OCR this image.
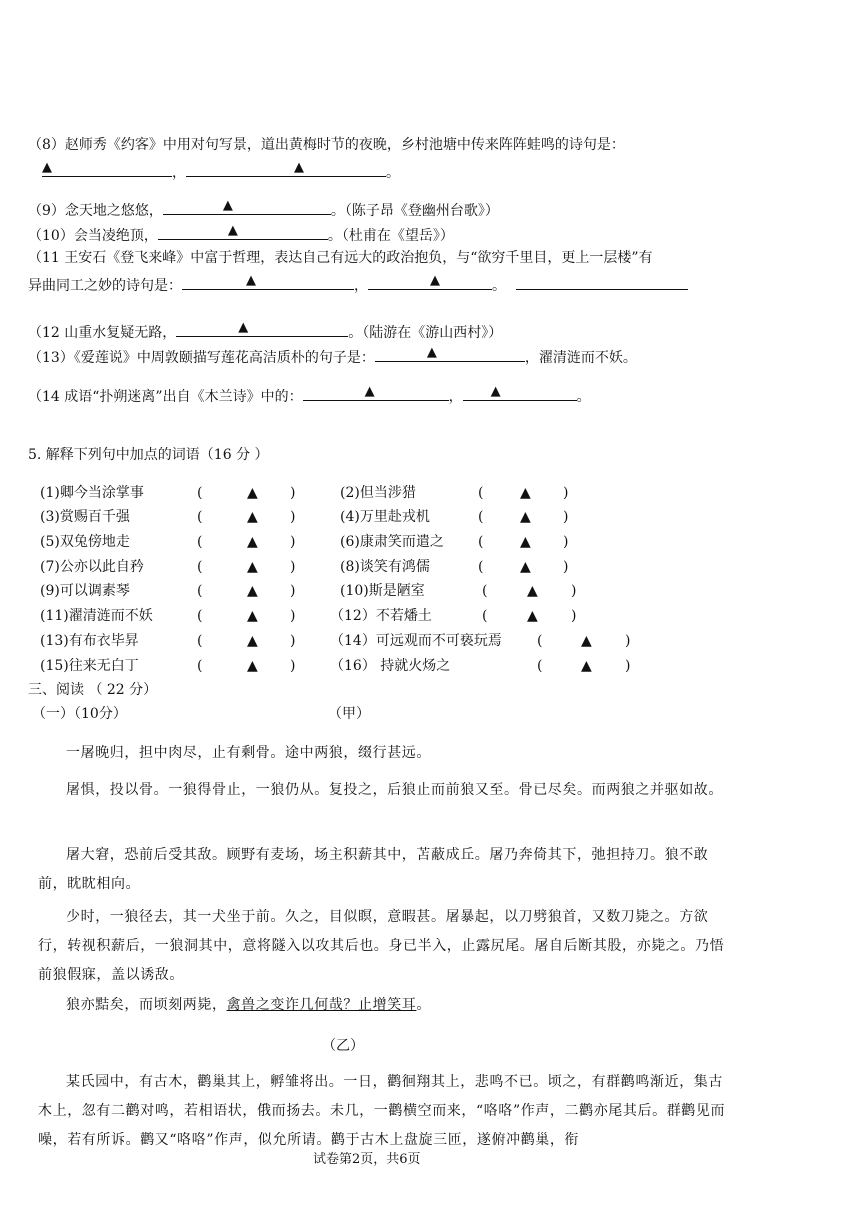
（8）赵师秀《约客》中用对句写景，道出黄梅时节的夜晚，乡村池塘中传来阵阵蛙鸣的诗句是：
▲	，	▲	。
（9）念天地之悠悠，	▲	。（陈子昂《登幽州台歌》）
（10）会当凌绝顶，	▲	。（杜甫在《望岳》）
（11 王安石《登飞来峰》中富于哲理，表达自己有远大的政治抱负，与“欲穷千里目，更上一层楼”有
异曲同工之妙的诗句是：	▲	，	▲	。
（12 山重水复疑无路，	▲	。（陆游在《游山西村》）
（13）《爱莲说》中周敦颐描写莲花高洁质朴的句子是：	▲	，濯清涟而不妖。
（14 成语“扑朔迷离”出自《木兰诗》中的：	▲	， ▲	。
5. 解释下列句中加点的词语（16 分 ）
(1)卿今当涂掌事	(	▲ )	(2)但当涉猎	(	▲ )
(3)赏赐百千强	(	▲ )	(4)万里赴戎机	(	▲ )
(5)双兔傍地走	(	▲ )	(6)康肃笑而遣之 (	▲ )
(7)公亦以此自矜	(	▲ )	(8)谈笑有鸿儒	(	▲ )
(9)可以调素琴	(	▲ )	(10)斯是陋室	(	▲ )
(11)濯清涟而不妖	(	▲ ) （12）不若燔土	(	▲ )
(13)有布衣毕昇	(	▲ ) （14）可远观而不可亵玩焉	(	▲ )
(15)往来无白丁	(	▲ ) （16） 持就火炀之	(	▲ )
三、阅读 （ 22 分）
（一）（10分）	（甲）
一屠晚归，担中肉尽，止有剩骨。途中两狼，缀行甚远。
屠惧，投以骨。一狼得骨止，一狼仍从。复投之，后狼止而前狼又至。骨已尽矣。而两狼之并驱如故。
屠大窘，恐前后受其敌。顾野有麦场，场主积薪其中，苫蔽成丘。屠乃奔倚其下，弛担持刀。狼不敢前，眈眈相向。
少时，一狼径去，其一犬坐于前。久之，目似瞑，意暇甚。屠暴起，以刀劈狼首，又数刀毙之。方欲行，转视积薪后，一狼洞其中，意将隧入以攻其后也。身已半入，止露尻尾。屠自后断其股，亦毙之。乃悟前狼假寐，盖以诱敌。
狼亦黠矣，而顷刻两毙，禽兽之变诈几何哉？止增笑耳。
（乙）
某氏园中，有古木，鹳巢其上，孵雏将出。一日，鹳徊翔其上，悲鸣不已。顷之，有群鹳鸣渐近，集古木上，忽有二鹳对鸣，若相语状，俄而扬去。未几，一鹳横空而来，“咯咯”作声，二鹳亦尾其后。群鹳见而噪，若有所诉。鹳又“咯咯”作声，似允所请。鹳于古木上盘旋三匝，遂俯冲鹳巢，衔
试卷第2页，共6页
